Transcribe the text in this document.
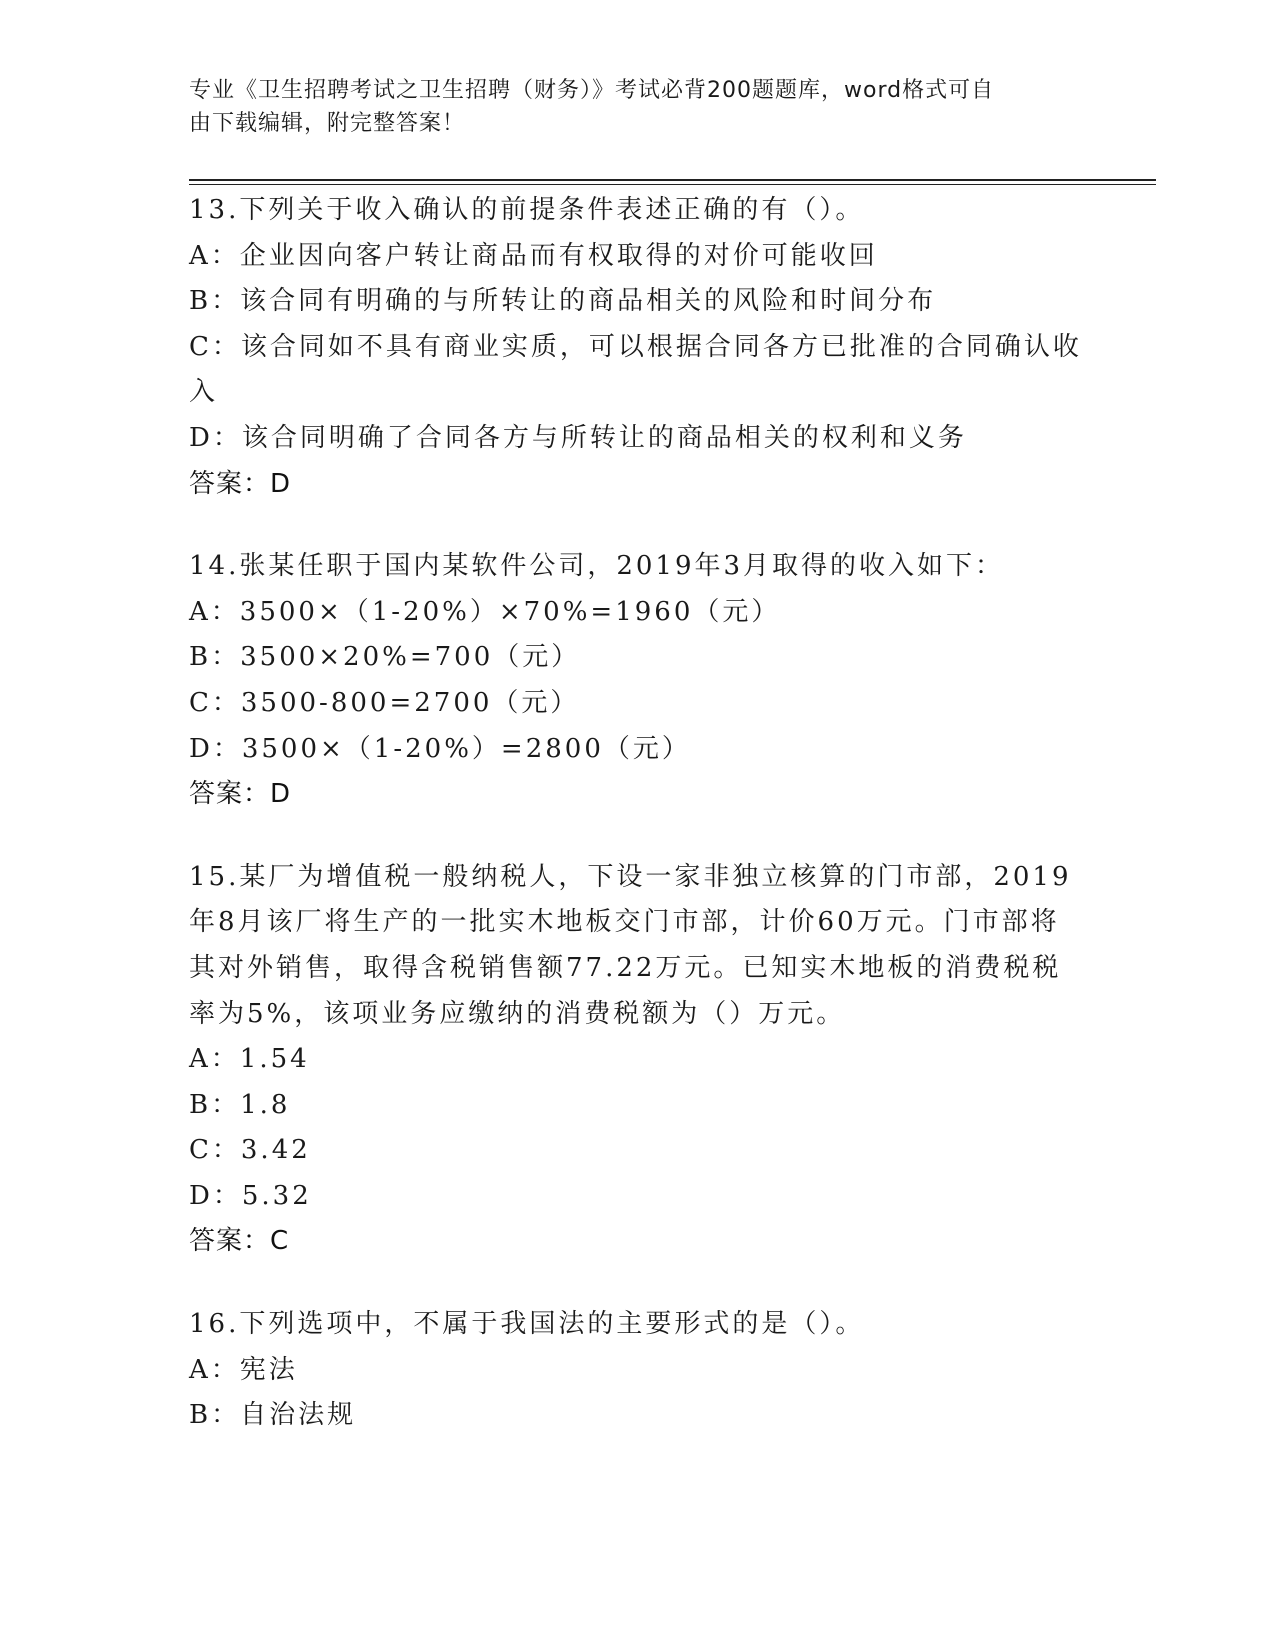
专业《卫生招聘考试之卫生招聘（财务）》考试必背200题题库，word格式可自
由下载编辑，附完整答案！
13.下列关于收入确认的前提条件表述正确的有（）。
A：企业因向客户转让商品而有权取得的对价可能收回
B：该合同有明确的与所转让的商品相关的风险和时间分布
C：该合同如不具有商业实质，可以根据合同各方已批准的合同确认收
入
D：该合同明确了合同各方与所转让的商品相关的权利和义务
答案：D
14.张某任职于国内某软件公司，2019年3月取得的收入如下：
A：3500×（1-20%）×70%=1960（元）
B：3500×20%=700（元）
C：3500-800=2700（元）
D：3500×（1-20%）=2800（元）
答案：D
15.某厂为增值税一般纳税人，下设一家非独立核算的门市部，2019
年8月该厂将生产的一批实木地板交门市部，计价60万元。门市部将
其对外销售，取得含税销售额77.22万元。已知实木地板的消费税税
率为5%，该项业务应缴纳的消费税额为（）万元。
A：1.54
B：1.8
C：3.42
D：5.32
答案：C
16.下列选项中，不属于我国法的主要形式的是（）。
A：宪法
B：自治法规
